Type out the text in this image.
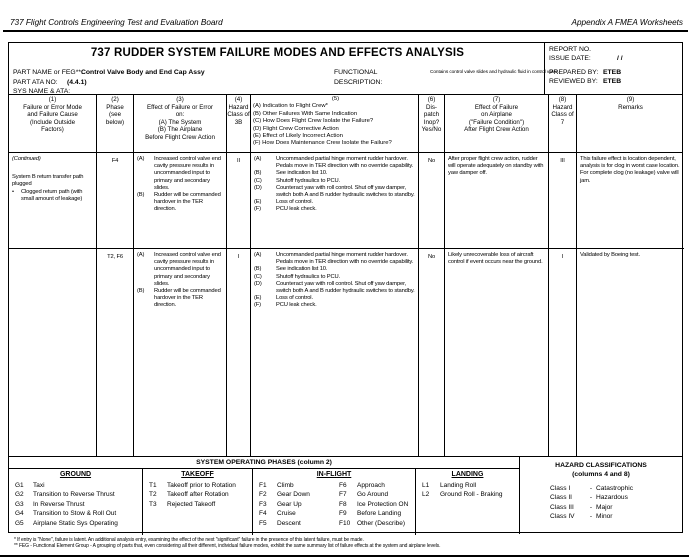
737 Flight Controls Engineering Test and Evaluation Board	Appendix A FMEA Worksheets
737 RUDDER SYSTEM FAILURE MODES AND EFFECTS ANALYSIS
PART NAME or FEG**:
Control Valve Body and End Cap Assy
PART ATA NO: (4.4.1)
SYS NAME & ATA:
FUNCTIONAL
DESCRIPTION:
Contains control valve slides and hydraulic fluid in control valve.
REPORT NO.
ISSUE DATE:	/ /
PREPARED BY: ETEB
REVIEWED BY: ETEB
(1)
Failure or Error Mode
and Failure Cause
(Include Outside
Factors)
(2)
Phase
(see
below)
(3)
Effect of Failure or Error
on:
(A) The System
(B) The Airplane
Before Flight Crew Action
(4)
Hazard
Class of
3B
(5)
(A) Indication to Flight Crew*
(B) Other Failures With Same Indication
(C) How Does Flight Crew Isolate the Failure?
(D) Flight Crew Corrective Action
(E) Effect of Likely Incorrect Action
(F) How Does Maintenance Crew Isolate the Failure?
(6)
Dis-
patch
Inop?
Yes/No
(7)
Effect of Failure
on Airplane
("Failure Condition")
After Flight Crew Action
(8)
Hazard
Class of
7
(9)
Remarks
(Continued)
System B return transfer path plugged
•	Clogged return path (with small amount of leakage)
F4	(A)	Increased control valve end cavity pressure results in uncommanded input to primary and secondary slides.
(B)	Rudder will be commanded hardover in the TER direction.
II	(A)	Uncommanded partial hinge moment rudder hardover. Pedals move in TER direction with no override capability.
(B)	See indication list 10.
(C)	Shutoff hydraulics to PCU.
(D)	Counteract yaw with roll control. Shut off yaw damper, switch both A and B rudder hydraulic switches to standby.
(E)	Loss of control.
(F)	PCU leak check.
No	After proper flight crew action, rudder will operate adequately on standby with yaw damper off.
III	This failure effect is location dependent, analysis is for clog in worst case location. For complete clog (no leakage) valve will jam.
T2, F6	(A)	Increased control valve end cavity pressure results in uncommanded input to primary and secondary slides.
(B)	Rudder will be commanded hardover in the TER direction.
I	(A)	Uncommanded partial hinge moment rudder hardover. Pedals move in TER direction with no override capability.
(B)	See indication list 10.
(C)	Shutoff hydraulics to PCU.
(D)	Counteract yaw with roll control. Shut off yaw damper, switch both A and B rudder hydraulic switches to standby.
(E)	Loss of control.
(F)	PCU leak check.
No	Likely unrecoverable loss of aircraft control if event occurs near the ground.
I	Validated by Boeing test.
SYSTEM OPERATING PHASES (column 2)
GROUND
G1	Taxi
G2	Transition to Reverse Thrust
G3	In Reverse Thrust
G4	Transition to Stow & Roll Out
G5	Airplane Static Sys Operating
TAKEOFF
T1	Takeoff prior to Rotation
T2	Takeoff after Rotation
T3	Rejected Takeoff
IN-FLIGHT
F1	Climb
F2	Gear Down
F3	Gear Up
F4	Cruise
F5	Descent
F6	Approach
F7	Go Around
F8	Ice Protection ON
F9	Before Landing
F10	Other (Describe)
LANDING
L1	Landing Roll
L2	Ground Roll - Braking
HAZARD CLASSIFICATIONS
(columns 4 and 8)
Class I	- Catastrophic
Class II	- Hazardous
Class III	- Major
Class IV	- Minor
* If entry is "None", failure is latent. An additional analysis entry, examining the effect of the next "significant" failure in the presence of this latent failure, must be made.
** FEG - Functional Element Group - A grouping of parts that, even considering all their different, individual failure modes, exhibit the same summary list of failure effects at the system and airplane levels.
